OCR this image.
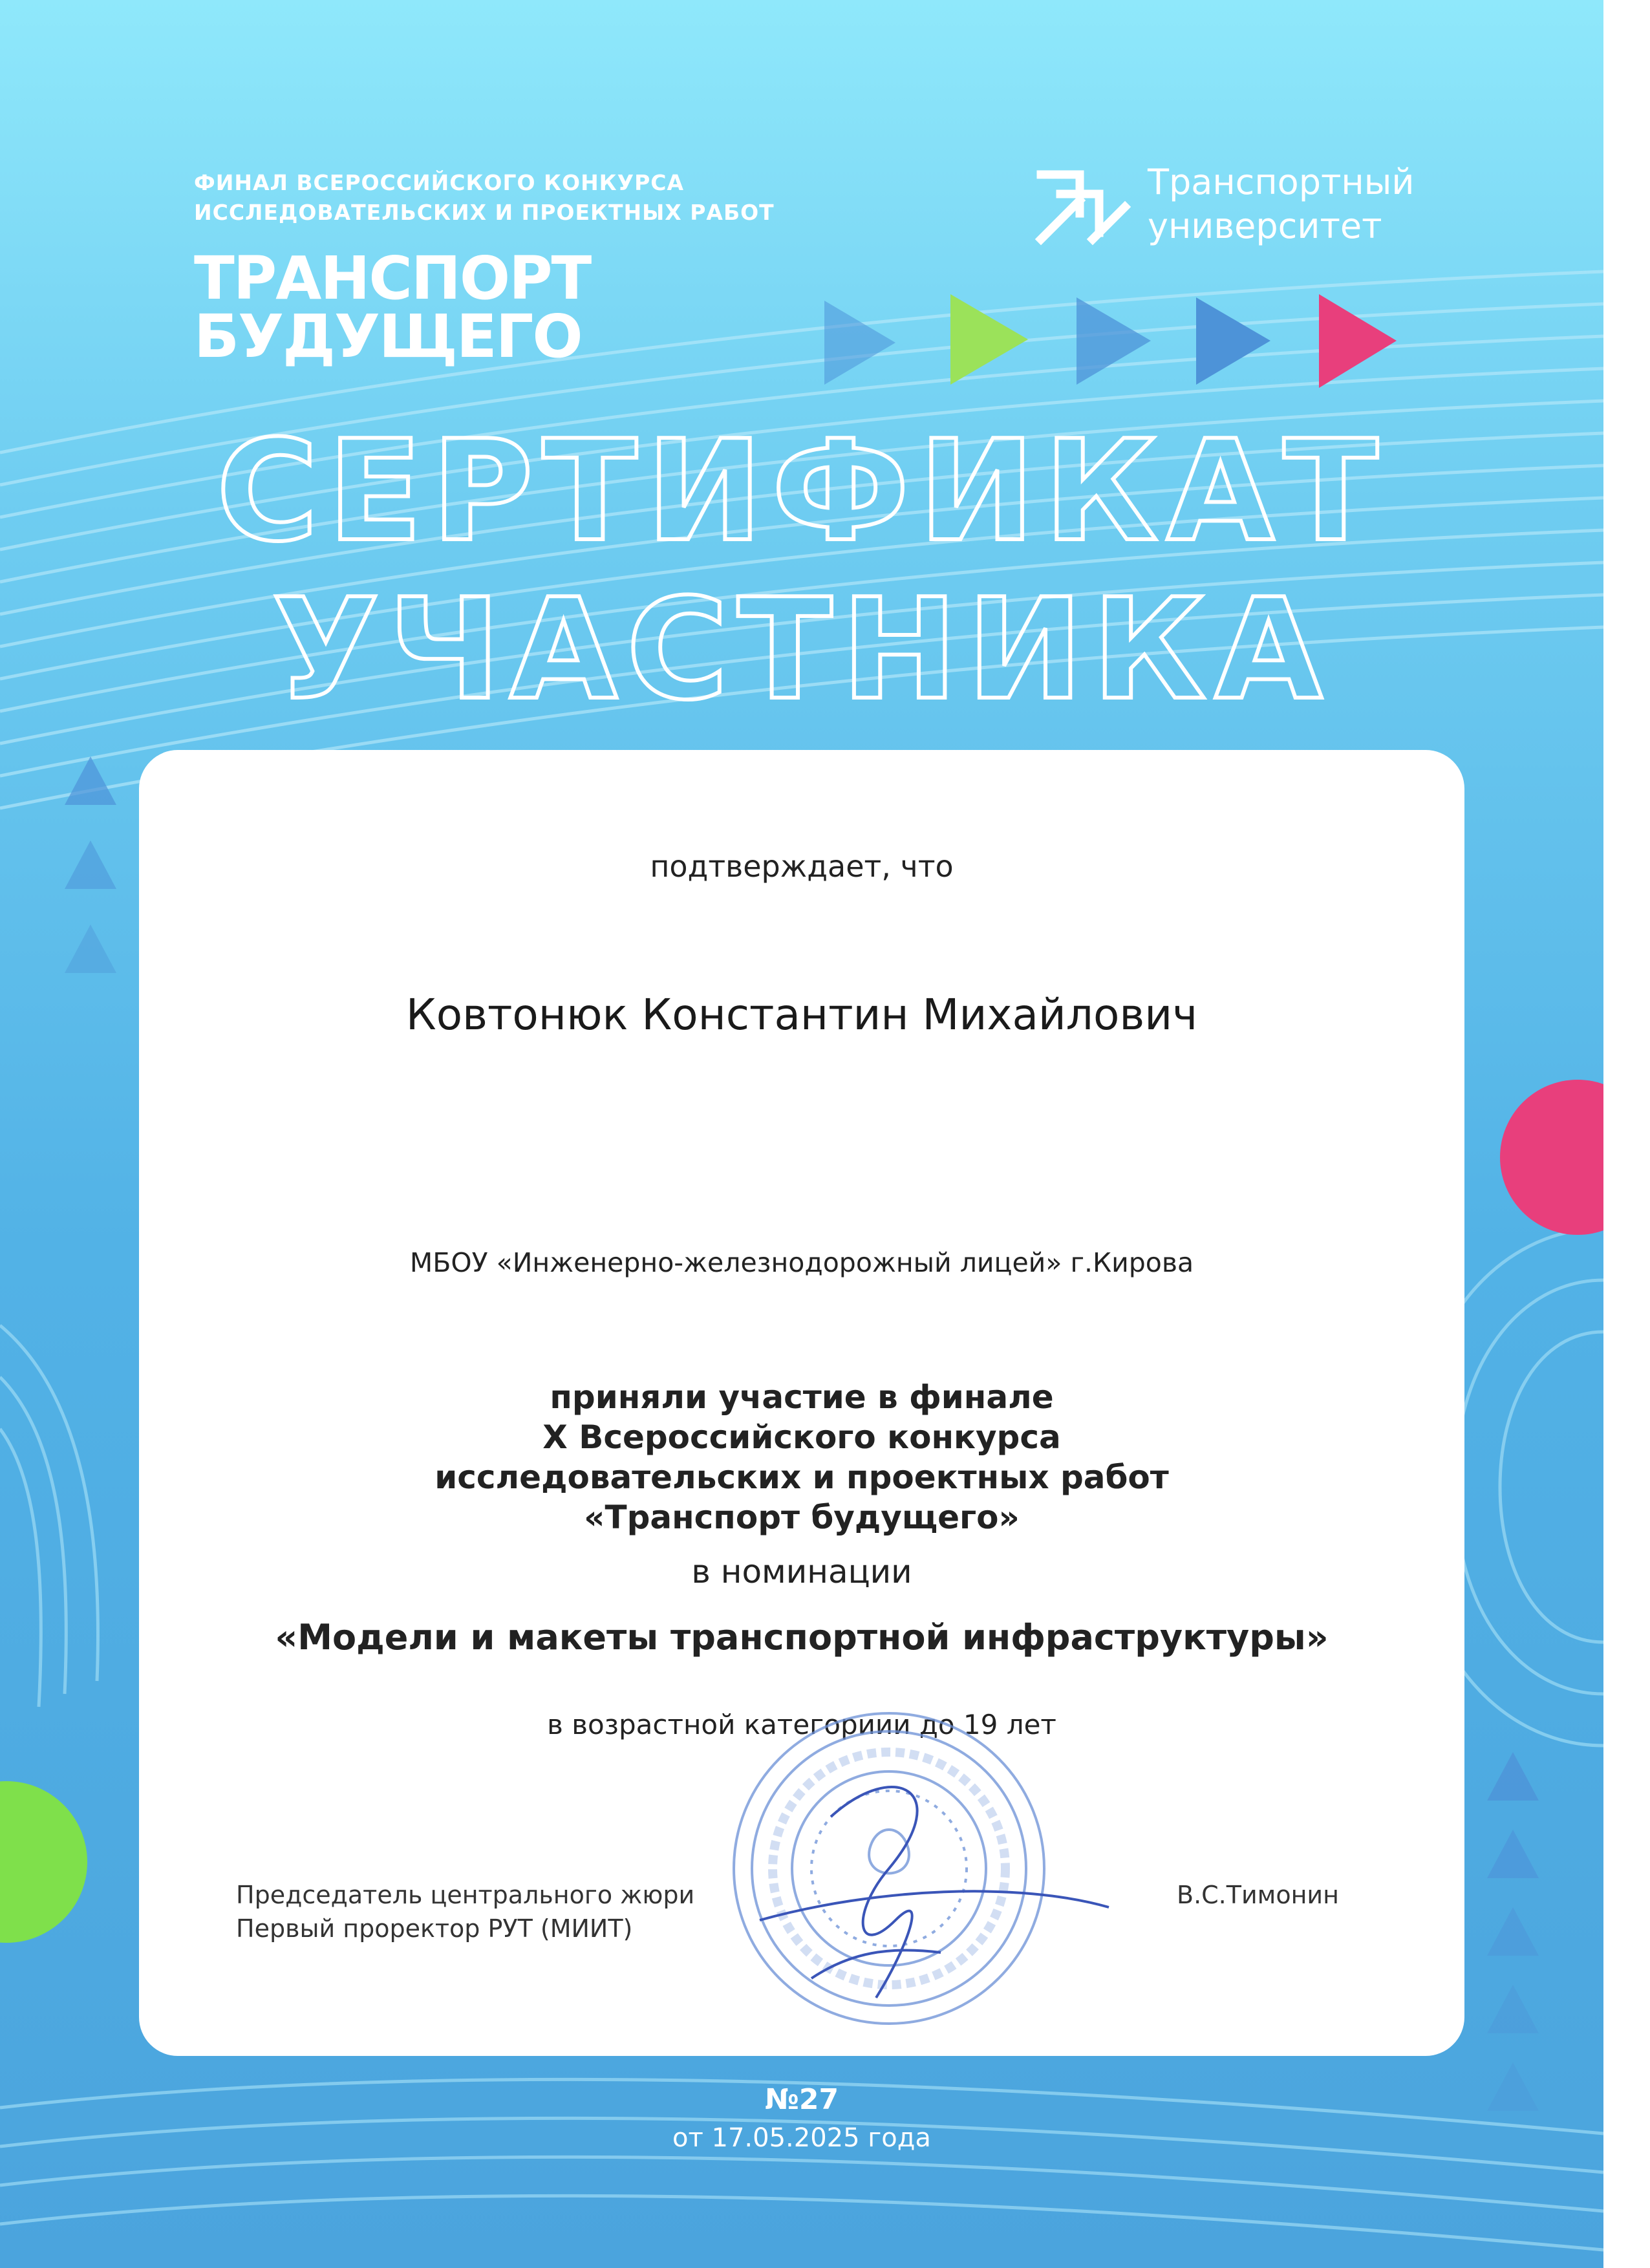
ФИНАЛ ВСЕРОССИЙСКОГО КОНКУРСА
ИССЛЕДОВАТЕЛЬСКИХ И ПРОЕКТНЫХ РАБОТ
ТРАНСПОРТ
БУДУЩЕГО
Транспортный
университет
СЕРТИФИКАТ
УЧАСТНИКА
подтверждает, что
Ковтонюк Константин Михайлович
МБОУ «Инженерно-железнодорожный лицей» г.Кирова
приняли участие в финале
X Всероссийского конкурса
исследовательских и проектных работ
«Транспорт будущего»
в номинации
«Модели и макеты транспортной инфраструктуры»
в возрастной категориии до 19 лет
Председатель центрального жюри
Первый проректор РУТ (МИИТ)
В.С.Тимонин
№27
от 17.05.2025 года
